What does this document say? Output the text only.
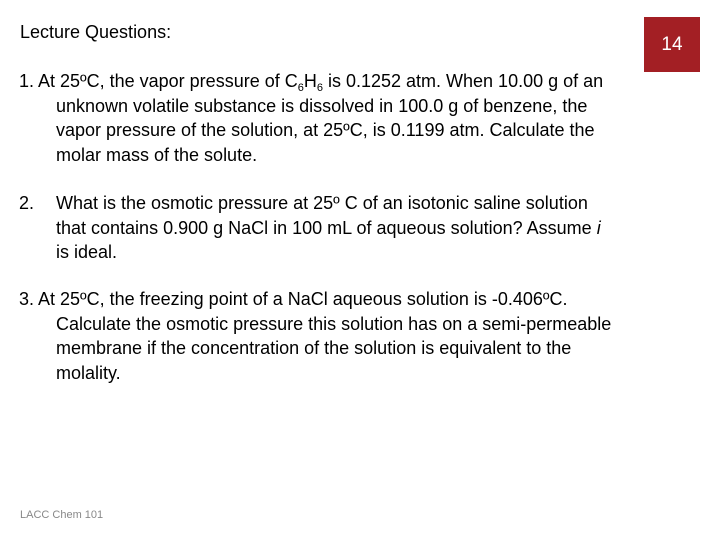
Lecture Questions:
14
1. At 25ºC, the vapor pressure of $C_6H_6$ is 0.1252 atm. When 10.00 g of an
unknown volatile substance is dissolved in 100.0 g of benzene, the
vapor pressure of the solution, at 25ºC, is 0.1199 atm. Calculate the
molar mass of the solute.
2. What is the osmotic pressure at 25º C of an isotonic saline solution
that contains 0.900 g NaCl in 100 mL of aqueous solution? Assume i
is ideal.
3. At 25ºC, the freezing point of a NaCl aqueous solution is -0.406ºC.
Calculate the osmotic pressure this solution has on a semi-permeable
membrane if the concentration of the solution is equivalent to the
molality.
LACC Chem 101
